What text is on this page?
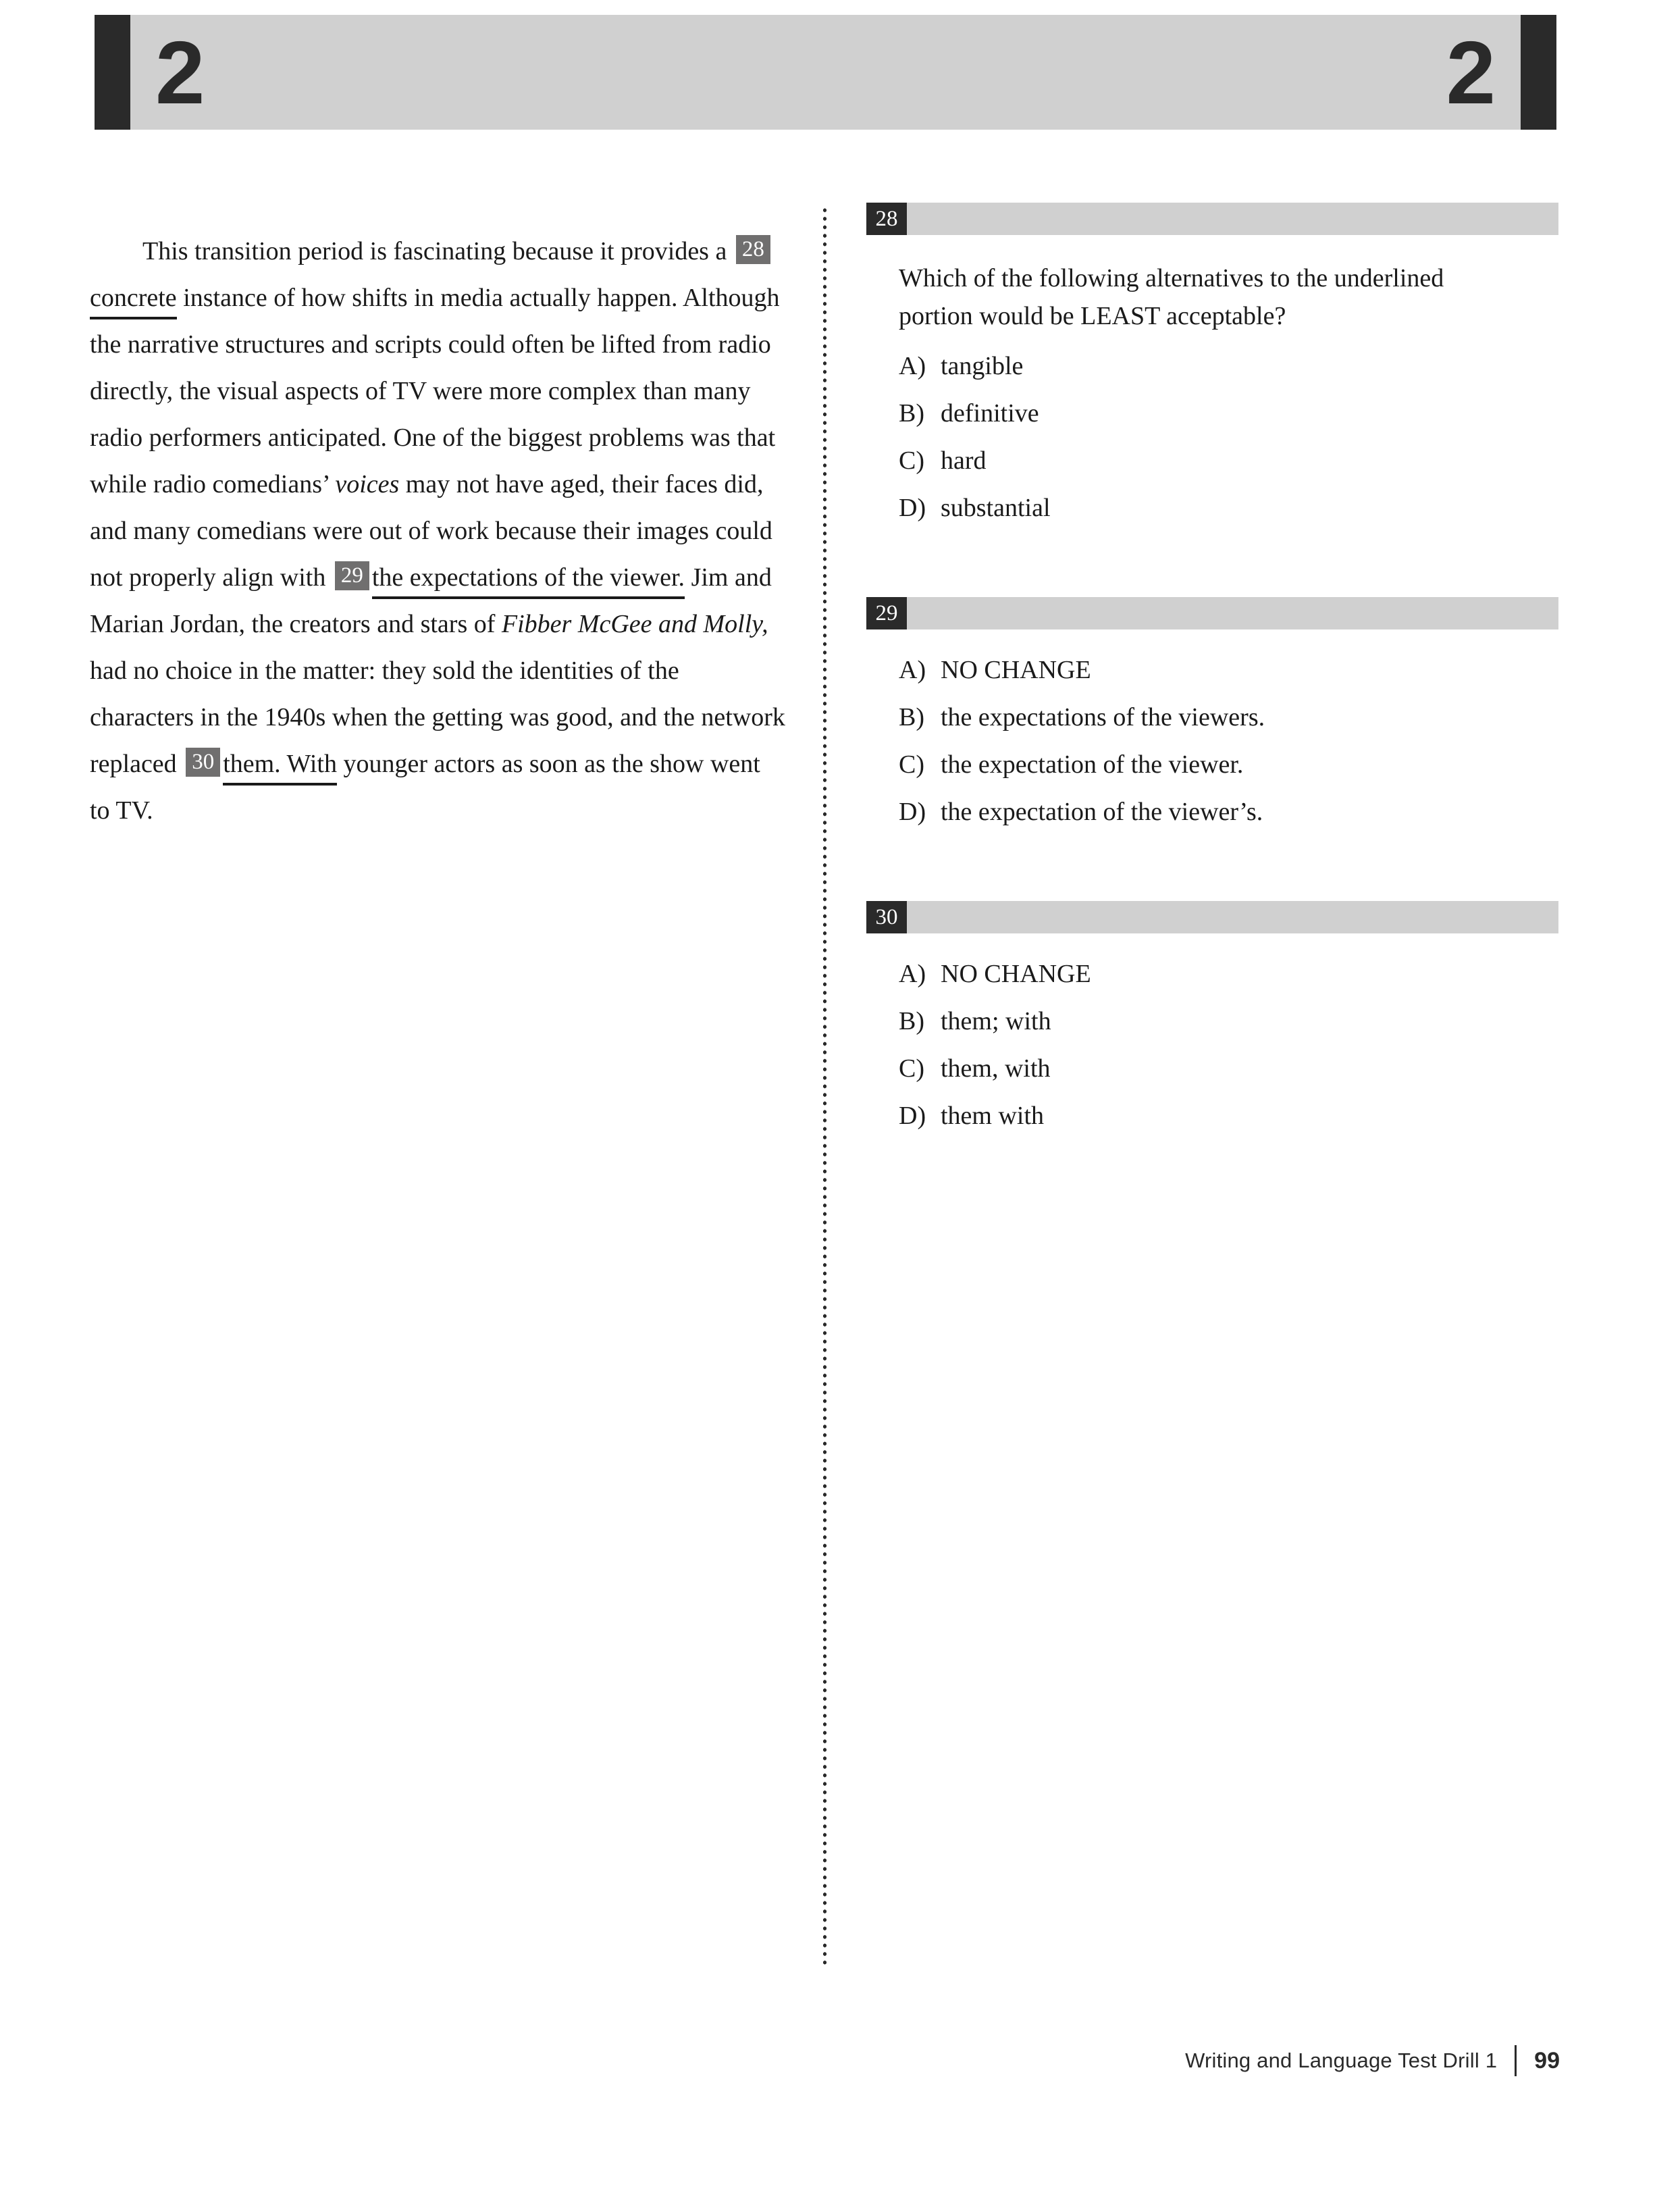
2	2

This transition period is fascinating because it provides a 28concrete instance of how shifts in media actually happen. Although the narrative structures and scripts could often be lifted from radio directly, the visual aspects of TV were more complex than many radio performers anticipated. One of the biggest problems was that while radio comedians’ voices may not have aged, their faces did, and many comedians were out of work because their images could not properly align with 29 the expectations of the viewer. Jim and Marian Jordan, the creators and stars of Fibber McGee and Molly, had no choice in the matter: they sold the identities of the characters in the 1940s when the getting was good, and the network replaced 30 them. With younger actors as soon as the show went to TV.

28
Which of the following alternatives to the underlined portion would be LEAST acceptable?
A) tangible
B) definitive
C) hard
D) substantial
29
A) NO CHANGE
B) the expectations of the viewers.
C) the expectation of the viewer.
D) the expectation of the viewer’s.
30
A) NO CHANGE
B) them; with
C) them, with
D) them with
Writing and Language Test Drill 1 99
